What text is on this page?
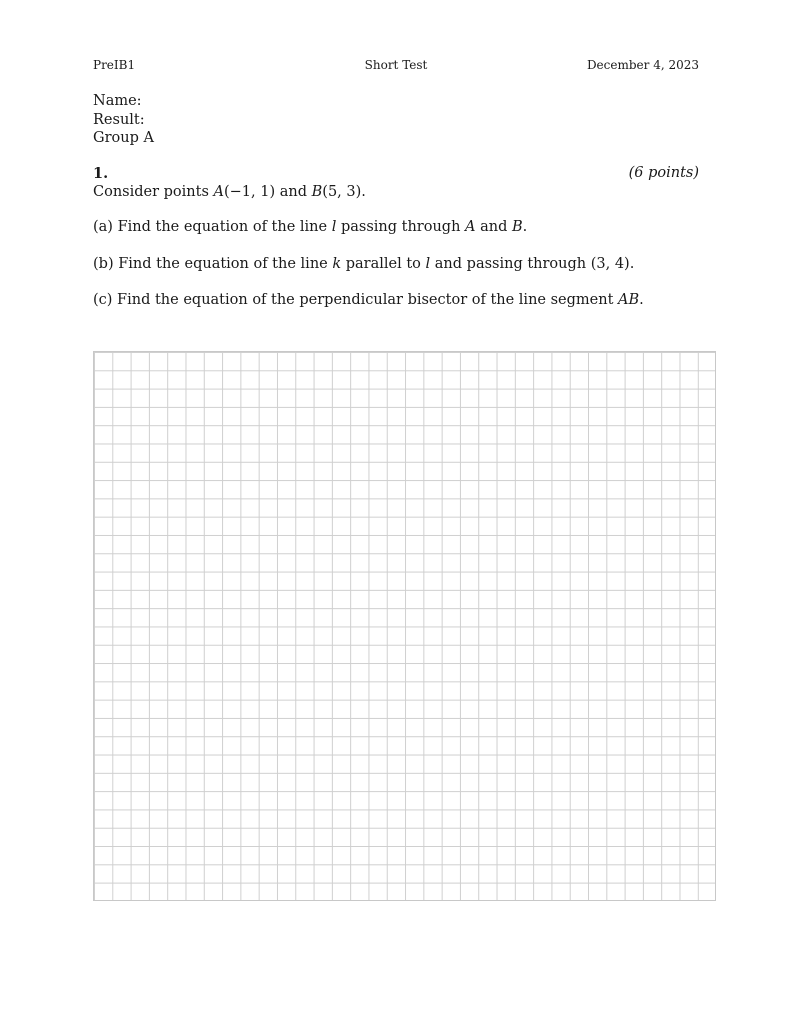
PreIB1	Short Test	December 4, 2023
Name:
Result:
Group A
1.	(6 points)
Consider points A(−1, 1) and B(5, 3).
(a) Find the equation of the line l passing through A and B.
(b) Find the equation of the line k parallel to l and passing through (3, 4).
(c) Find the equation of the perpendicular bisector of the line segment AB.
